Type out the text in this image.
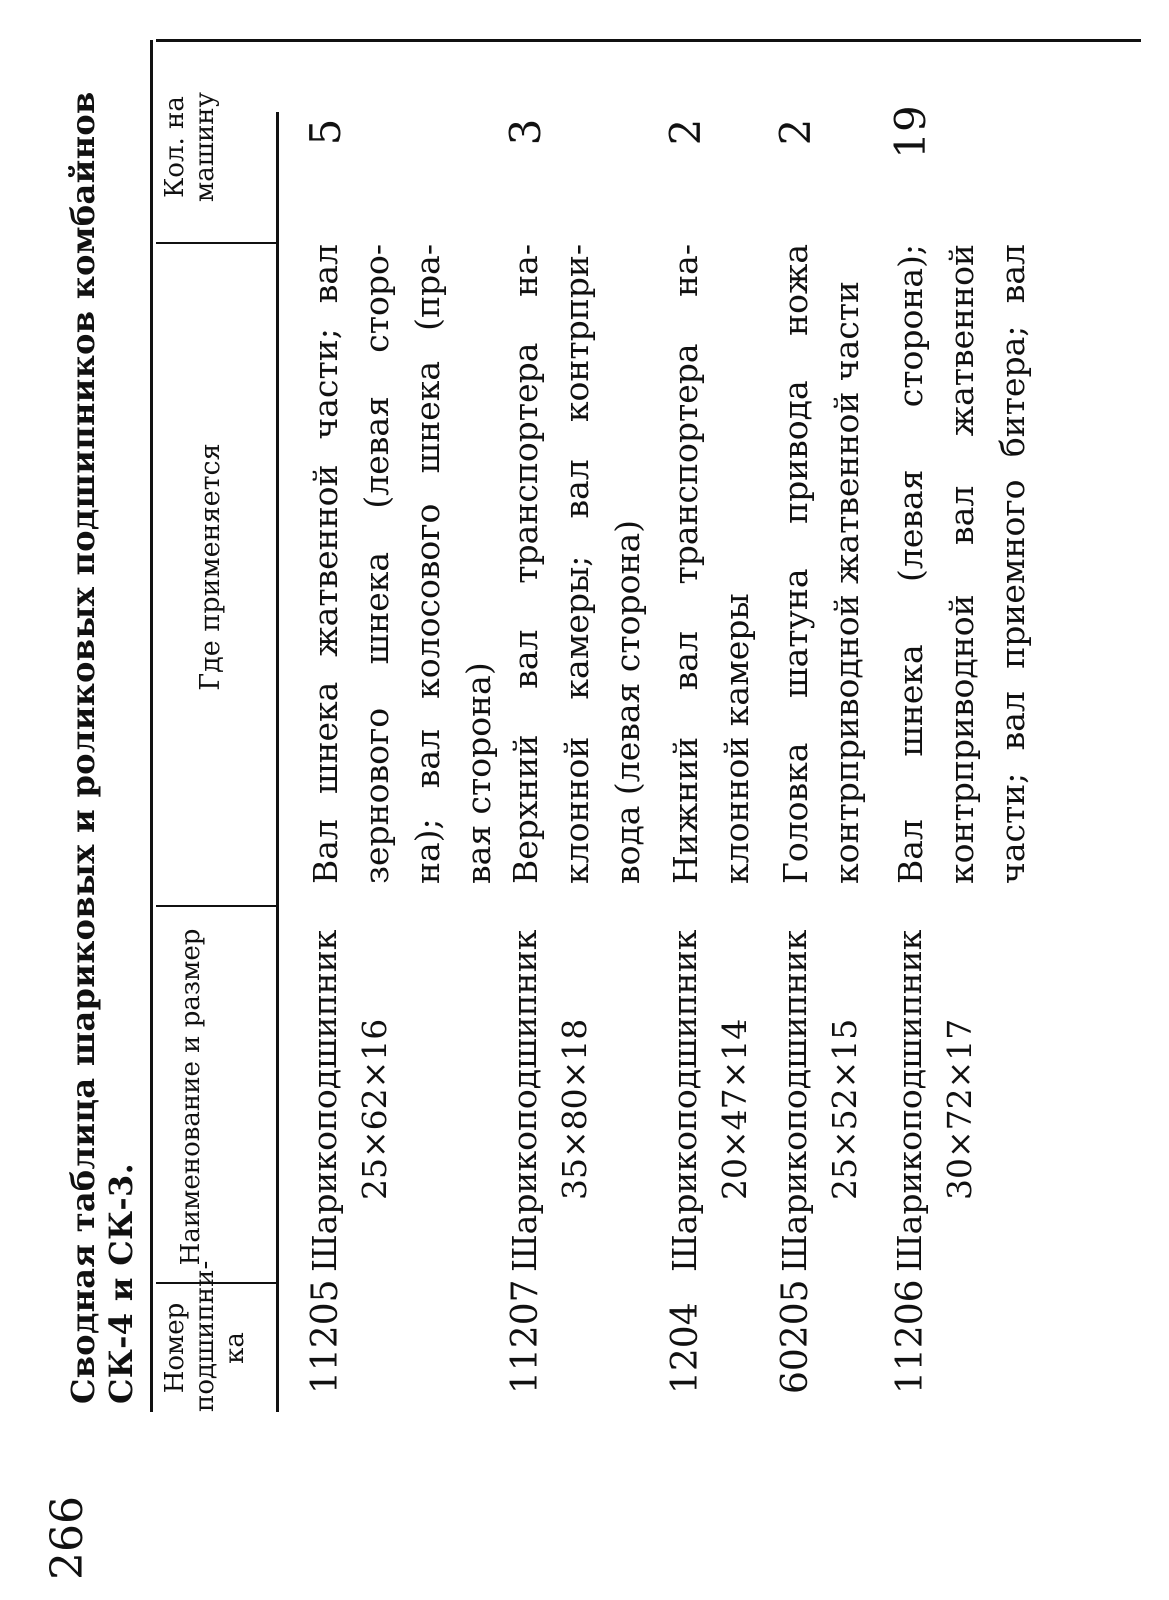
266
Сводная таблица шариковых и роликовых подшипников комбайнов СК-4 и СК-3. Номер подшипни- ка
Наименование и размер
Где применяется
Кол. на машину
11205
Шарикоподшипник 25×62×16
Вал шнека жатвенной части; вал зернового шнека (левая сторо- на); вал колосового шнека (пра- вая сторона)
5
11207
Шарикоподшипник 35×80×18
Верхний вал транспортера на- клонной камеры; вал контрпри- вода (левая сторона)
3
1204
Шарикоподшипник 20×47×14
Нижний вал транспортера на- клонной камеры
2
60205
Шарикоподшипник 25×52×15
Головка шатуна привода ножа контрприводной жатвенной части
2
11206
Шарикоподшипник 30×72×17
Вал шнека (левая сторона); контрприводной вал жатвенной части; вал приемного битера; вал
19
